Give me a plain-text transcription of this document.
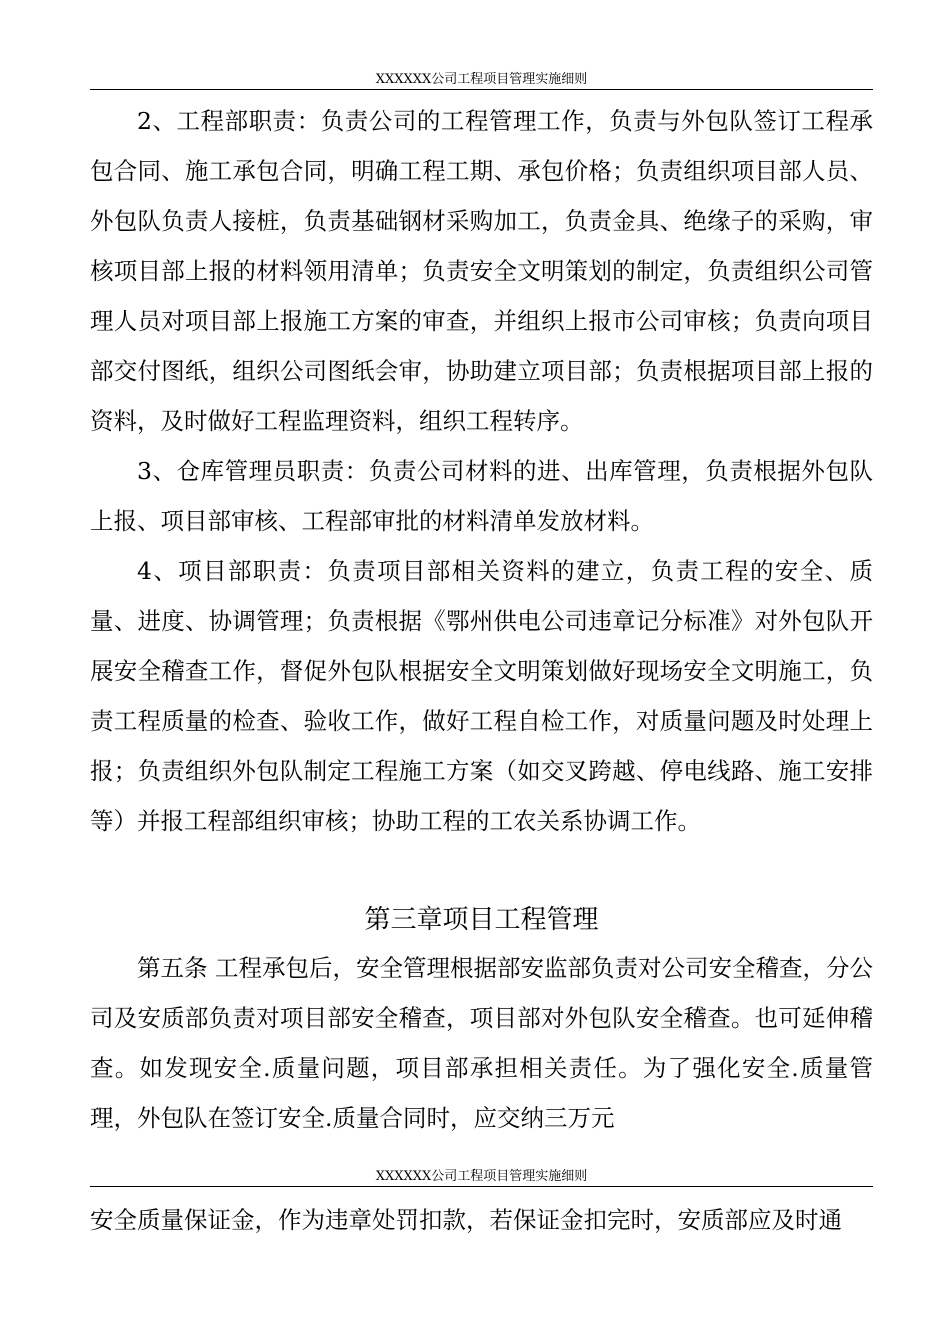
XXXXXX公司工程项目管理实施细则

2、工程部职责：负责公司的工程管理工作，负责与外包队签订工程承包合同、施工承包合同，明确工程工期、承包价格；负责组织项目部人员、外包队负责人接桩，负责基础钢材采购加工，负责金具、绝缘子的采购，审核项目部上报的材料领用清单；负责安全文明策划的制定，负责组织公司管理人员对项目部上报施工方案的审查，并组织上报市公司审核；负责向项目部交付图纸，组织公司图纸会审，协助建立项目部；负责根据项目部上报的资料，及时做好工程监理资料，组织工程转序。

3、仓库管理员职责：负责公司材料的进、出库管理，负责根据外包队上报、项目部审核、工程部审批的材料清单发放材料。

4、项目部职责：负责项目部相关资料的建立，负责工程的安全、质量、进度、协调管理；负责根据《鄂州供电公司违章记分标准》对外包队开展安全稽查工作，督促外包队根据安全文明策划做好现场安全文明施工，负责工程质量的检查、验收工作，做好工程自检工作，对质量问题及时处理上报；负责组织外包队制定工程施工方案（如交叉跨越、停电线路、施工安排等）并报工程部组织审核；协助工程的工农关系协调工作。

第三章项目工程管理

第五条 工程承包后，安全管理根据部安监部负责对公司安全稽查，分公司及安质部负责对项目部安全稽查，项目部对外包队安全稽查。也可延伸稽查。如发现安全.质量问题，项目部承担相关责任。为了强化安全.质量管理，外包队在签订安全.质量合同时，应交纳三万元

XXXXXX公司工程项目管理实施细则

安全质量保证金，作为违章处罚扣款，若保证金扣完时，安质部应及时通
